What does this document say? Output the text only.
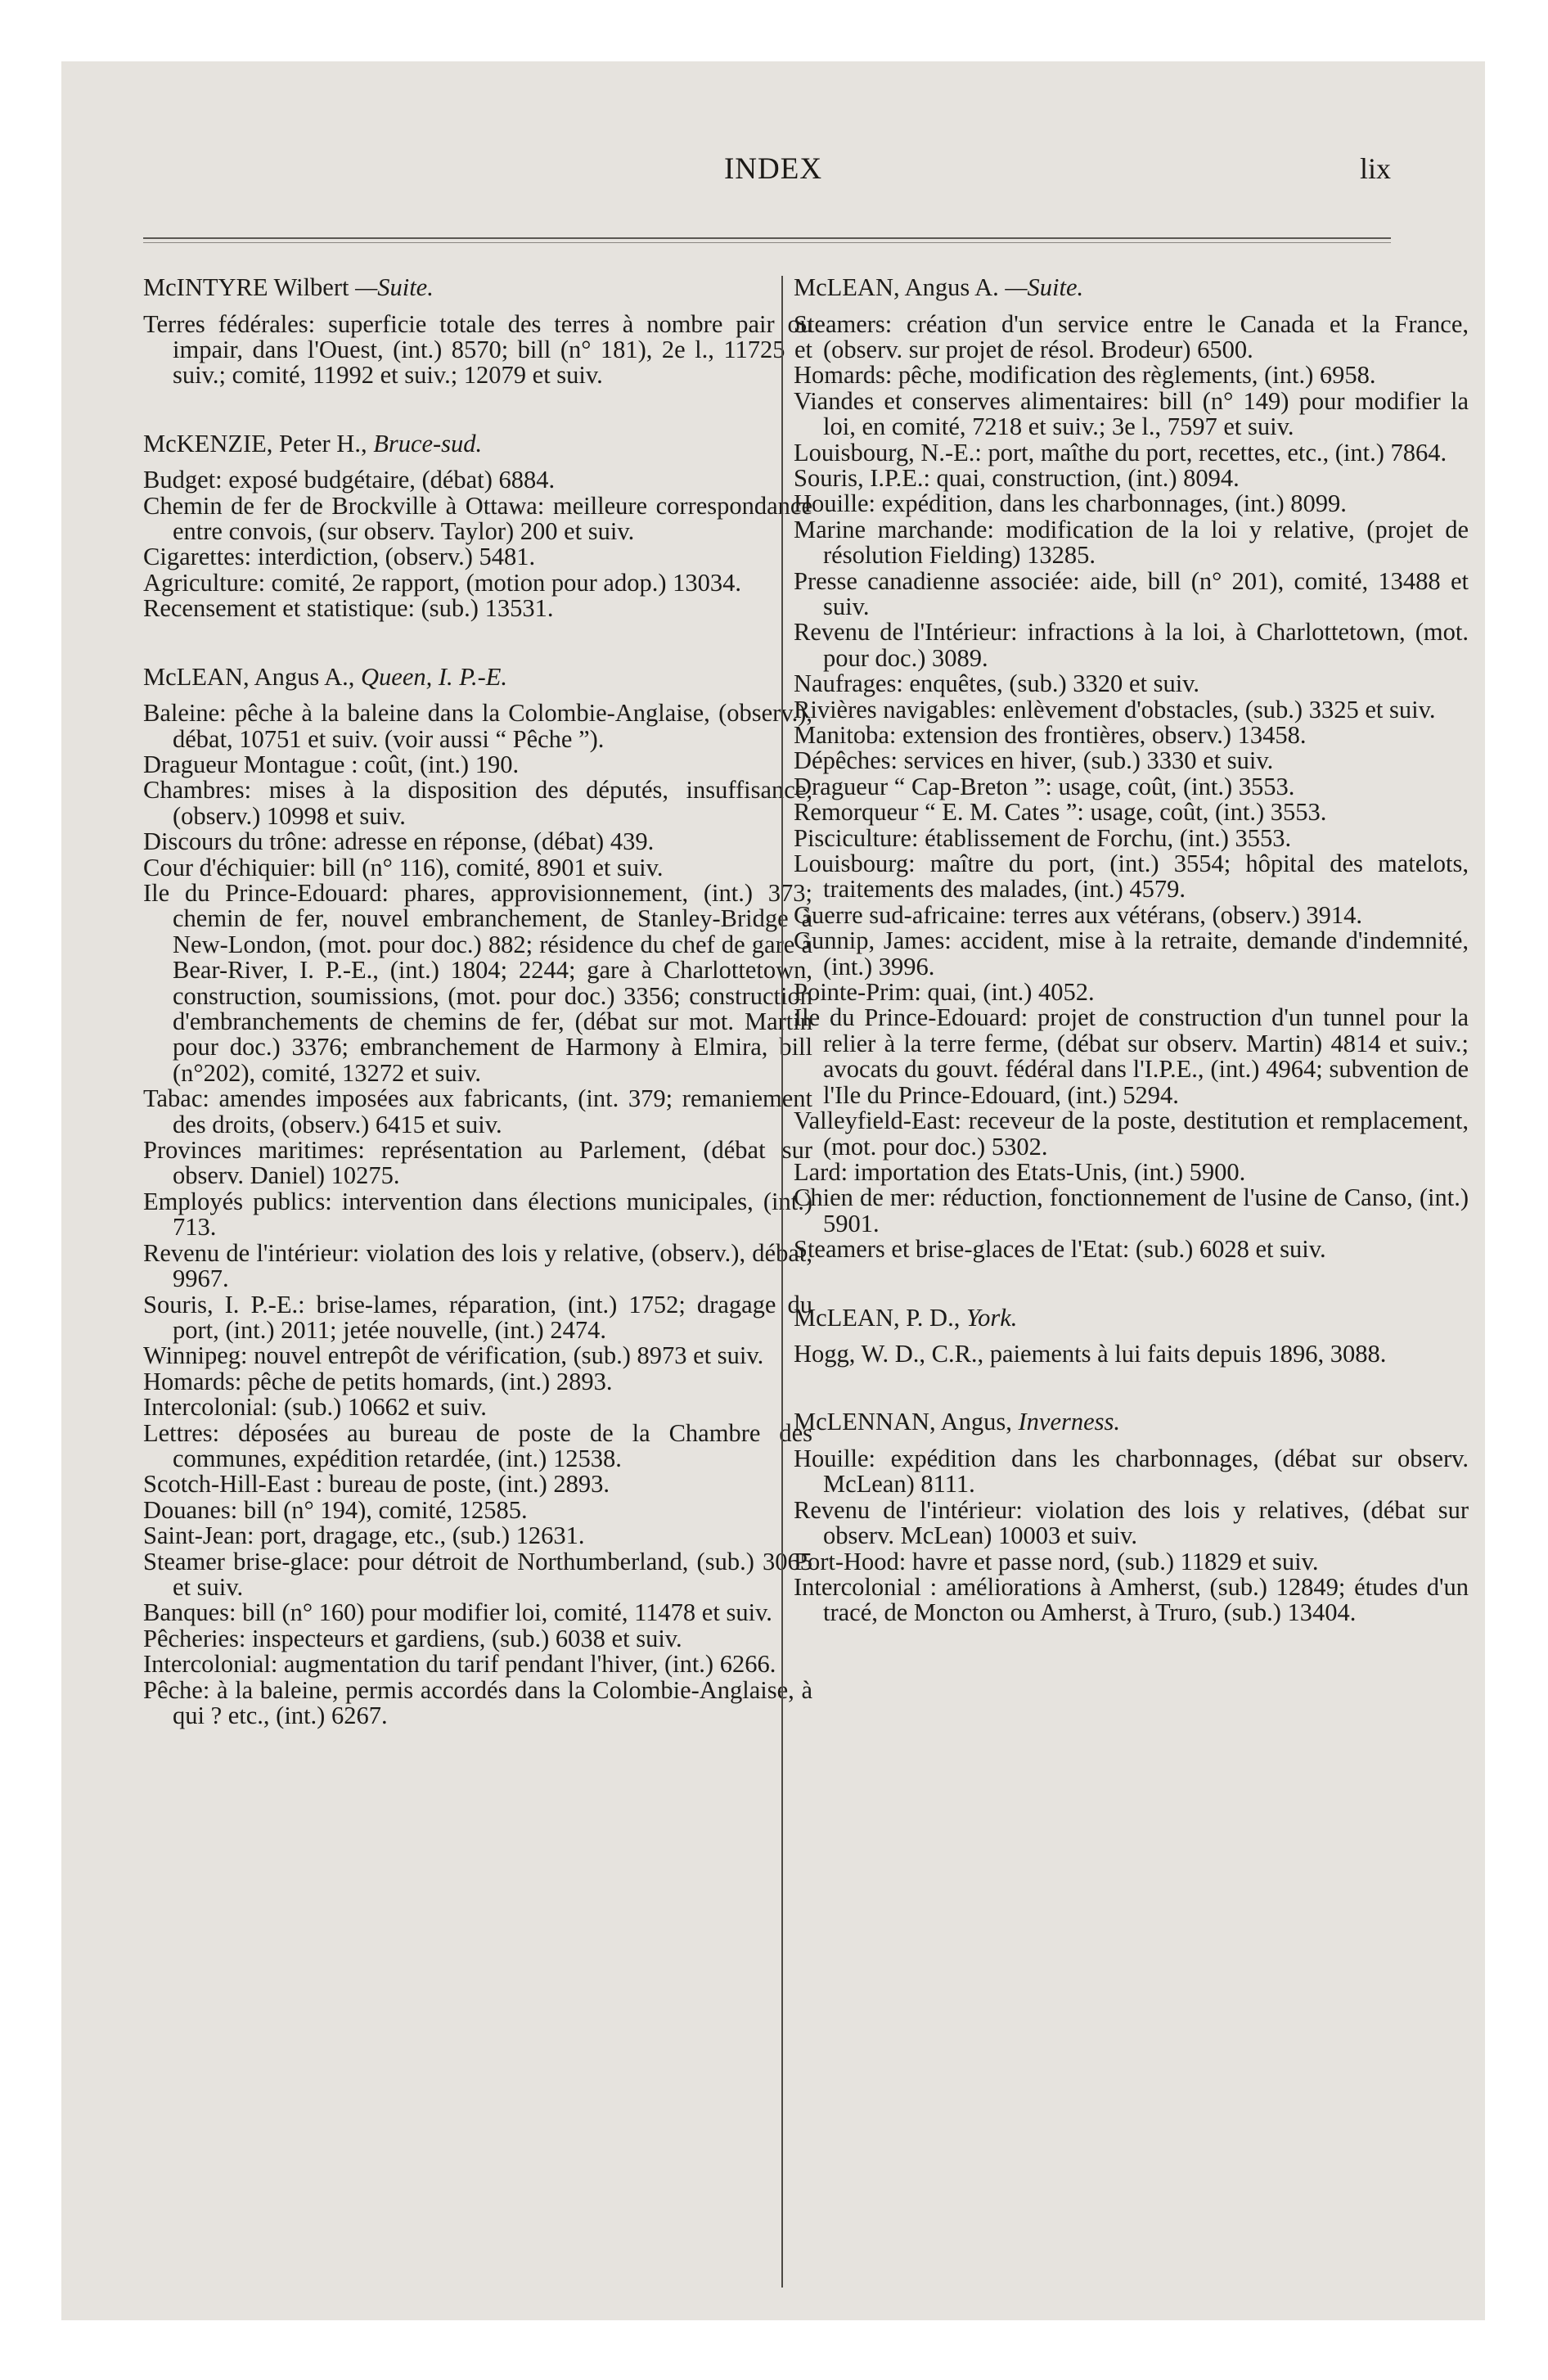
INDEX	lix
McINTYRE Wilbert —Suite.

Terres fédérales: superficie totale des terres à nombre pair ou impair, dans l'Ouest, (int.) 8570; bill (n° 181), 2e l., 11725 et suiv.; comité, 11992 et suiv.; 12079 et suiv.

McKENZIE, Peter H., Bruce-sud.

Budget: exposé budgétaire, (débat) 6884.

Chemin de fer de Brockville à Ottawa: meilleure correspondance entre convois, (sur observ. Taylor) 200 et suiv.

Cigarettes: interdiction, (observ.) 5481.

Agriculture: comité, 2e rapport, (motion pour adop.) 13034.

Recensement et statistique: (sub.) 13531.

McLEAN, Angus A., Queen, I. P.-E.

Baleine: pêche à la baleine dans la Colombie-Anglaise, (observ.), débat, 10751 et suiv. (voir aussi “ Pêche ”).

Dragueur Montague : coût, (int.) 190.

Chambres: mises à la disposition des députés, insuffisance, (observ.) 10998 et suiv.

Discours du trône: adresse en réponse, (débat) 439.

Cour d'échiquier: bill (n° 116), comité, 8901 et suiv.

Ile du Prince-Edouard: phares, approvisionnement, (int.) 373; chemin de fer, nouvel embranchement, de Stanley-Bridge à New-London, (mot. pour doc.) 882; résidence du chef de gare à Bear-River, I. P.-E., (int.) 1804; 2244; gare à Charlottetown, construction, soumissions, (mot. pour doc.) 3356; construction d'embranchements de chemins de fer, (débat sur mot. Martin pour doc.) 3376; embranchement de Harmony à Elmira, bill (n°202), comité, 13272 et suiv.

Tabac: amendes imposées aux fabricants, (int. 379; remaniement des droits, (observ.) 6415 et suiv.

Provinces maritimes: représentation au Parlement, (débat sur observ. Daniel) 10275.

Employés publics: intervention dans élections municipales, (int.) 713.

Revenu de l'intérieur: violation des lois y relative, (observ.), débat, 9967.

Souris, I. P.-E.: brise-lames, réparation, (int.) 1752; dragage du port, (int.) 2011; jetée nouvelle, (int.) 2474.

Winnipeg: nouvel entrepôt de vérification, (sub.) 8973 et suiv.

Homards: pêche de petits homards, (int.) 2893.

Intercolonial: (sub.) 10662 et suiv.

Lettres: déposées au bureau de poste de la Chambre des communes, expédition retardée, (int.) 12538.

Scotch-Hill-East : bureau de poste, (int.) 2893.

Douanes: bill (n° 194), comité, 12585.

Saint-Jean: port, dragage, etc., (sub.) 12631.

Steamer brise-glace: pour détroit de Northumberland, (sub.) 3065 et suiv.

Banques: bill (n° 160) pour modifier loi, comité, 11478 et suiv.

Pêcheries: inspecteurs et gardiens, (sub.) 6038 et suiv.

Intercolonial: augmentation du tarif pendant l'hiver, (int.) 6266.

Pêche: à la baleine, permis accordés dans la Colombie-Anglaise, à qui ? etc., (int.) 6267.

McLEAN, Angus A. —Suite.

Steamers: création d'un service entre le Canada et la France, (observ. sur projet de résol. Brodeur) 6500.

Homards: pêche, modification des règlements, (int.) 6958.

Viandes et conserves alimentaires: bill (n° 149) pour modifier la loi, en comité, 7218 et suiv.; 3e l., 7597 et suiv.

Louisbourg, N.-E.: port, maîthe du port, recettes, etc., (int.) 7864.

Souris, I.P.E.: quai, construction, (int.) 8094.

Houille: expédition, dans les charbonnages, (int.) 8099.

Marine marchande: modification de la loi y relative, (projet de résolution Fielding) 13285.

Presse canadienne associée: aide, bill (n° 201), comité, 13488 et suiv.

Revenu de l'Intérieur: infractions à la loi, à Charlottetown, (mot. pour doc.) 3089.

Naufrages: enquêtes, (sub.) 3320 et suiv.

Rivières navigables: enlèvement d'obstacles, (sub.) 3325 et suiv.

Manitoba: extension des frontières, observ.) 13458.

Dépêches: services en hiver, (sub.) 3330 et suiv.

Dragueur “ Cap-Breton ”: usage, coût, (int.) 3553.

Remorqueur “ E. M. Cates ”: usage, coût, (int.) 3553.

Pisciculture: établissement de Forchu, (int.) 3553.

Louisbourg: maître du port, (int.) 3554; hôpital des matelots, traitements des malades, (int.) 4579.

Guerre sud-africaine: terres aux vétérans, (observ.) 3914.

Gunnip, James: accident, mise à la retraite, demande d'indemnité, (int.) 3996.

Pointe-Prim: quai, (int.) 4052.

Ile du Prince-Edouard: projet de construction d'un tunnel pour la relier à la terre ferme, (débat sur observ. Martin) 4814 et suiv.; avocats du gouvt. fédéral dans l'I.P.E., (int.) 4964; subvention de l'Ile du Prince-Edouard, (int.) 5294.

Valleyfield-East: receveur de la poste, destitution et remplacement, (mot. pour doc.) 5302.

Lard: importation des Etats-Unis, (int.) 5900.

Chien de mer: réduction, fonctionnement de l'usine de Canso, (int.) 5901.

Steamers et brise-glaces de l'Etat: (sub.) 6028 et suiv.

McLEAN, P. D., York.

Hogg, W. D., C.R., paiements à lui faits depuis 1896, 3088.

McLENNAN, Angus, Inverness.

Houille: expédition dans les charbonnages, (débat sur observ. McLean) 8111.

Revenu de l'intérieur: violation des lois y relatives, (débat sur observ. McLean) 10003 et suiv.

Port-Hood: havre et passe nord, (sub.) 11829 et suiv.

Intercolonial : améliorations à Amherst, (sub.) 12849; études d'un tracé, de Moncton ou Amherst, à Truro, (sub.) 13404.
